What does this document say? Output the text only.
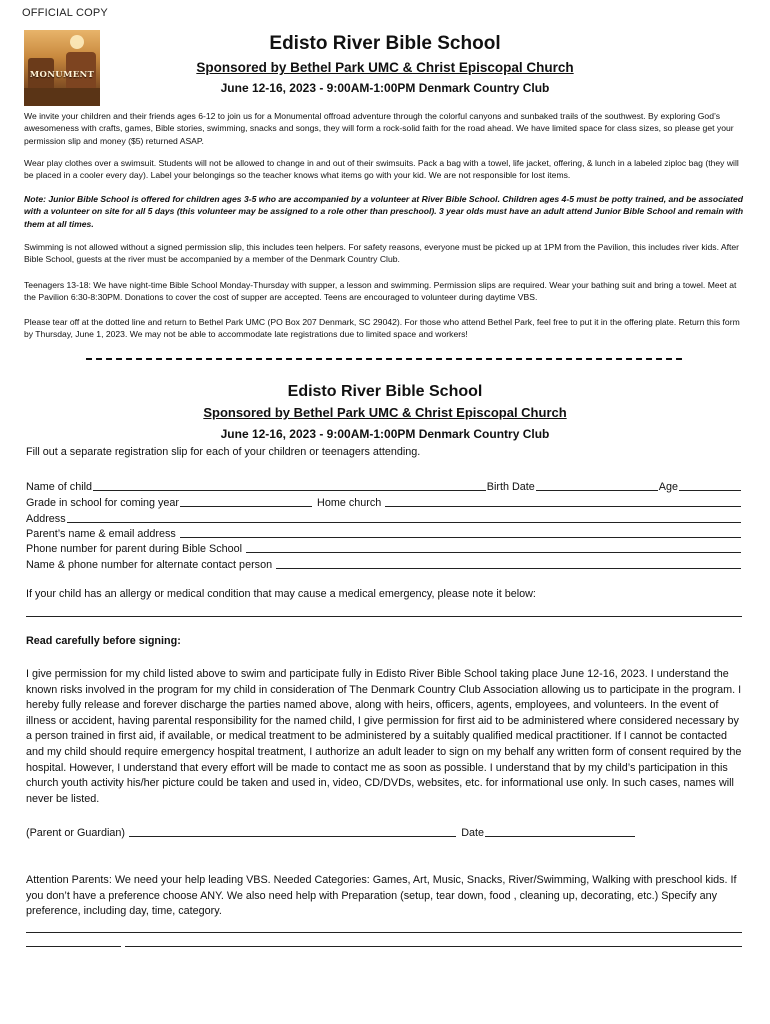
OFFICIAL COPY
MONUMENT
Edisto River Bible School
Sponsored by Bethel Park UMC & Christ Episcopal Church
June 12-16, 2023 - 9:00AM-1:00PM Denmark Country Club
We invite your children and their friends ages 6-12 to join us for a Monumental offroad adventure through the colorful canyons and sunbaked trails of the southwest. By exploring God’s awesomeness with crafts, games, Bible stories, swimming, snacks and songs, they will form a rock-solid faith for the road ahead. We have limited space for class sizes, so please get your permission slip and money ($5) returned ASAP.
Wear play clothes over a swimsuit. Students will not be allowed to change in and out of their swimsuits. Pack a bag with a towel, life jacket, offering, & lunch in a labeled ziploc bag (they will be placed in a cooler every day). Label your belongings so the teacher knows what items go with your kid. We are not responsible for lost items.
Note: Junior Bible School is offered for children ages 3-5 who are accompanied by a volunteer at River Bible School. Children ages 4-5 must be potty trained, and be associated with a volunteer on site for all 5 days (this volunteer may be assigned to a role other than preschool). 3 year olds must have an adult attend Junior Bible School and remain with them at all times.
Swimming is not allowed without a signed permission slip, this includes teen helpers. For safety reasons, everyone must be picked up at 1PM from the Pavilion, this includes river kids. After Bible School, guests at the river must be accompanied by a member of the Denmark Country Club.
Teenagers 13-18: We have night-time Bible School Monday-Thursday with supper, a lesson and swimming. Permission slips are required. Wear your bathing suit and bring a towel. Meet at the Pavilion 6:30-8:30PM. Donations to cover the cost of supper are accepted. Teens are encouraged to volunteer during daytime VBS.
Please tear off at the dotted line and return to Bethel Park UMC (PO Box 207 Denmark, SC 29042). For those who attend Bethel Park, feel free to put it in the offering plate. Return this form by Thursday, June 1, 2023. We may not be able to accommodate late registrations due to limited space and workers!
Edisto River Bible School
Sponsored by Bethel Park UMC & Christ Episcopal Church
June 12-16, 2023 - 9:00AM-1:00PM Denmark Country Club
Fill out a separate registration slip for each of your children or teenagers attending.
Name of child	Birth Date	Age
Grade in school for coming year	Home church
Address
Parent’s name & email address
Phone number for parent during Bible School
Name & phone number for alternate contact person
If your child has an allergy or medical condition that may cause a medical emergency, please note it below:
Read carefully before signing:
I give permission for my child listed above to swim and participate fully in Edisto River Bible School taking place June 12-16, 2023. I understand the known risks involved in the program for my child in consideration of The Denmark Country Club Association allowing us to participate in the program. I hereby fully release and forever discharge the parties named above, along with heirs, officers, agents, employees, and volunteers. In the event of illness or accident, having parental responsibility for the named child, I give permission for first aid to be administered where considered necessary by a person trained in first aid, if available, or medical treatment to be administered by a suitably qualified medical practitioner. If I cannot be contacted and my child should require emergency hospital treatment, I authorize an adult leader to sign on my behalf any written form of consent required by the hospital. However, I understand that every effort will be made to contact me as soon as possible. I understand that by my child’s participation in this church youth activity his/her picture could be taken and used in, video, CD/DVDs, websites, etc. for informational use only. In such cases, names will never be listed.
(Parent or Guardian)	Date
Attention Parents: We need your help leading VBS. Needed Categories: Games, Art, Music, Snacks, River/Swimming, Walking with preschool kids. If you don’t have a preference choose ANY. We also need help with Preparation (setup, tear down, food , cleaning up, decorating, etc.) Specify any preference, including day, time, category.
